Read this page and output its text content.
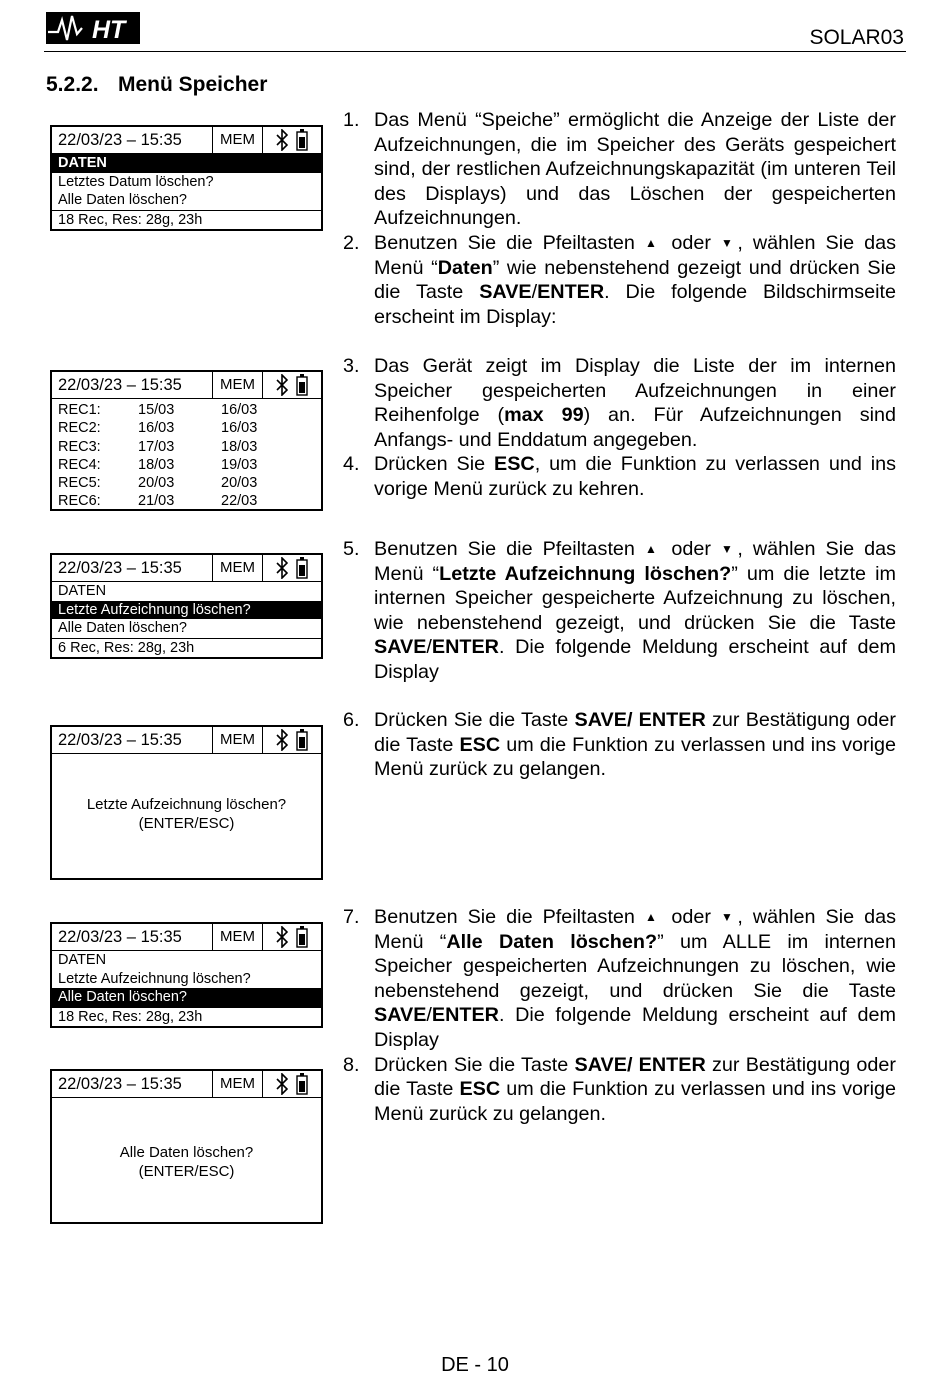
HT	SOLAR03
5.2.2. Menü Speicher
22/03/23 – 15:35	MEM
DATEN
Letztes Datum löschen?
Alle Daten löschen?
18 Rec, Res: 28g, 23h
22/03/23 – 15:35	MEM
REC1:	15/03	16/03
REC2:	16/03	16/03
REC3:	17/03	18/03
REC4:	18/03	19/03
REC5:	20/03	20/03
REC6:	21/03	22/03
22/03/23 – 15:35	MEM
DATEN
Letzte Aufzeichnung löschen?
Alle Daten löschen?
6 Rec, Res: 28g, 23h
22/03/23 – 15:35	MEM
Letzte Aufzeichnung löschen?
(ENTER/ESC)
22/03/23 – 15:35	MEM
DATEN
Letzte Aufzeichnung löschen?
Alle Daten löschen?
18 Rec, Res: 28g, 23h
22/03/23 – 15:35	MEM
Alle Daten löschen?
(ENTER/ESC)
1. Das Menü “Speiche” ermöglicht die Anzeige der Liste der Aufzeichnungen, die im Speicher des Geräts gespeichert sind, der restlichen Aufzeichnungskapazität (im unteren Teil des Displays) und das Löschen der gespeicherten Aufzeichnungen.
2. Benutzen Sie die Pfeiltasten ▲ oder ▼, wählen Sie das Menü “Daten” wie nebenstehend gezeigt und drücken Sie die Taste SAVE/ENTER. Die folgende Bildschirmseite erscheint im Display:
3. Das Gerät zeigt im Display die Liste der im internen Speicher gespeicherten Aufzeichnungen in einer Reihenfolge (max 99) an. Für Aufzeichnungen sind Anfangs- und Enddatum angegeben.
4. Drücken Sie ESC, um die Funktion zu verlassen und ins vorige Menü zurück zu kehren.
5. Benutzen Sie die Pfeiltasten ▲ oder ▼, wählen Sie das Menü “Letzte Aufzeichnung löschen?” um die letzte im internen Speicher gespeicherte Aufzeichnung zu löschen, wie nebenstehend gezeigt, und drücken Sie die Taste SAVE/ENTER. Die folgende Meldung erscheint auf dem Display
6. Drücken Sie die Taste SAVE/ ENTER zur Bestätigung oder die Taste ESC um die Funktion zu verlassen und ins vorige Menü zurück zu gelangen.
7. Benutzen Sie die Pfeiltasten ▲ oder ▼, wählen Sie das Menü “Alle Daten löschen?” um ALLE im internen Speicher gespeicherten Aufzeichnungen zu löschen, wie nebenstehend gezeigt, und drücken Sie die Taste SAVE/ENTER. Die folgende Meldung erscheint auf dem Display
8. Drücken Sie die Taste SAVE/ ENTER zur Bestätigung oder die Taste ESC um die Funktion zu verlassen und ins vorige Menü zurück zu gelangen.
DE - 10
